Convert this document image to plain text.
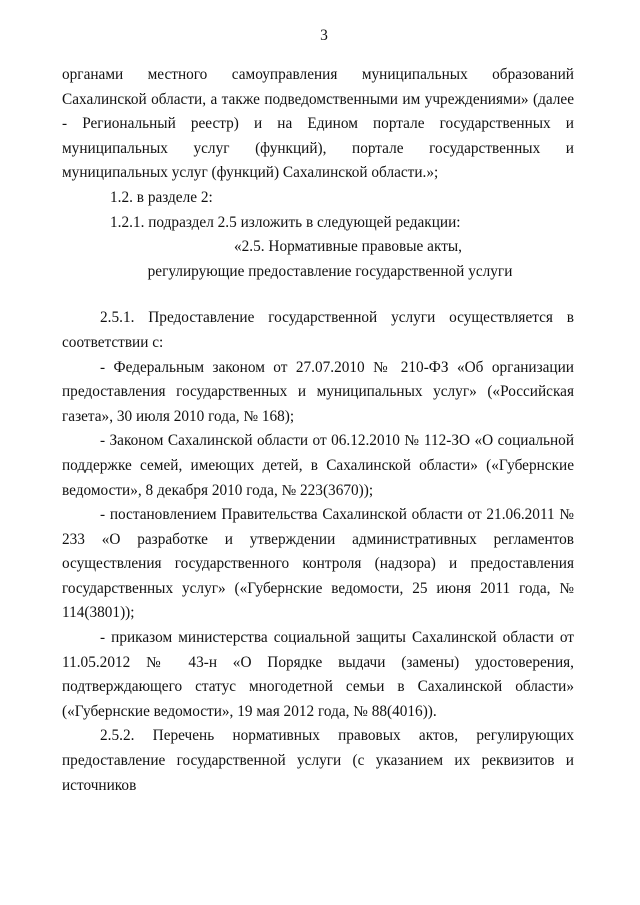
3

органами местного самоуправления муниципальных образований Сахалинской области, а также подведомственными им учреждениями» (далее - Региональный реестр) и на Едином портале государственных и муниципальных услуг (функций), портале государственных и муниципальных услуг (функций) Сахалинской области.»;

1.2. в разделе 2:

1.2.1. подраздел 2.5 изложить в следующей редакции:

«2.5. Нормативные правовые акты,

регулирующие предоставление государственной услуги

2.5.1. Предоставление государственной услуги осуществляется в соответствии с:

- Федеральным законом от 27.07.2010 № 210-ФЗ «Об организации предоставления государственных и муниципальных услуг» («Российская газета», 30 июля 2010 года, № 168);

- Законом Сахалинской области от 06.12.2010 № 112-ЗО «О социальной поддержке семей, имеющих детей, в Сахалинской области» («Губернские ведомости», 8 декабря 2010 года, № 223(3670));

- постановлением Правительства Сахалинской области от 21.06.2011 № 233 «О разработке и утверждении административных регламентов осуществления государственного контроля (надзора) и предоставления государственных услуг» («Губернские ведомости, 25 июня 2011 года, № 114(3801));

- приказом министерства социальной защиты Сахалинской области от 11.05.2012 № 43-н «О Порядке выдачи (замены) удостоверения, подтверждающего статус многодетной семьи в Сахалинской области» («Губернские ведомости», 19 мая 2012 года, № 88(4016)).

2.5.2. Перечень нормативных правовых актов, регулирующих предоставление государственной услуги (с указанием их реквизитов и источников
